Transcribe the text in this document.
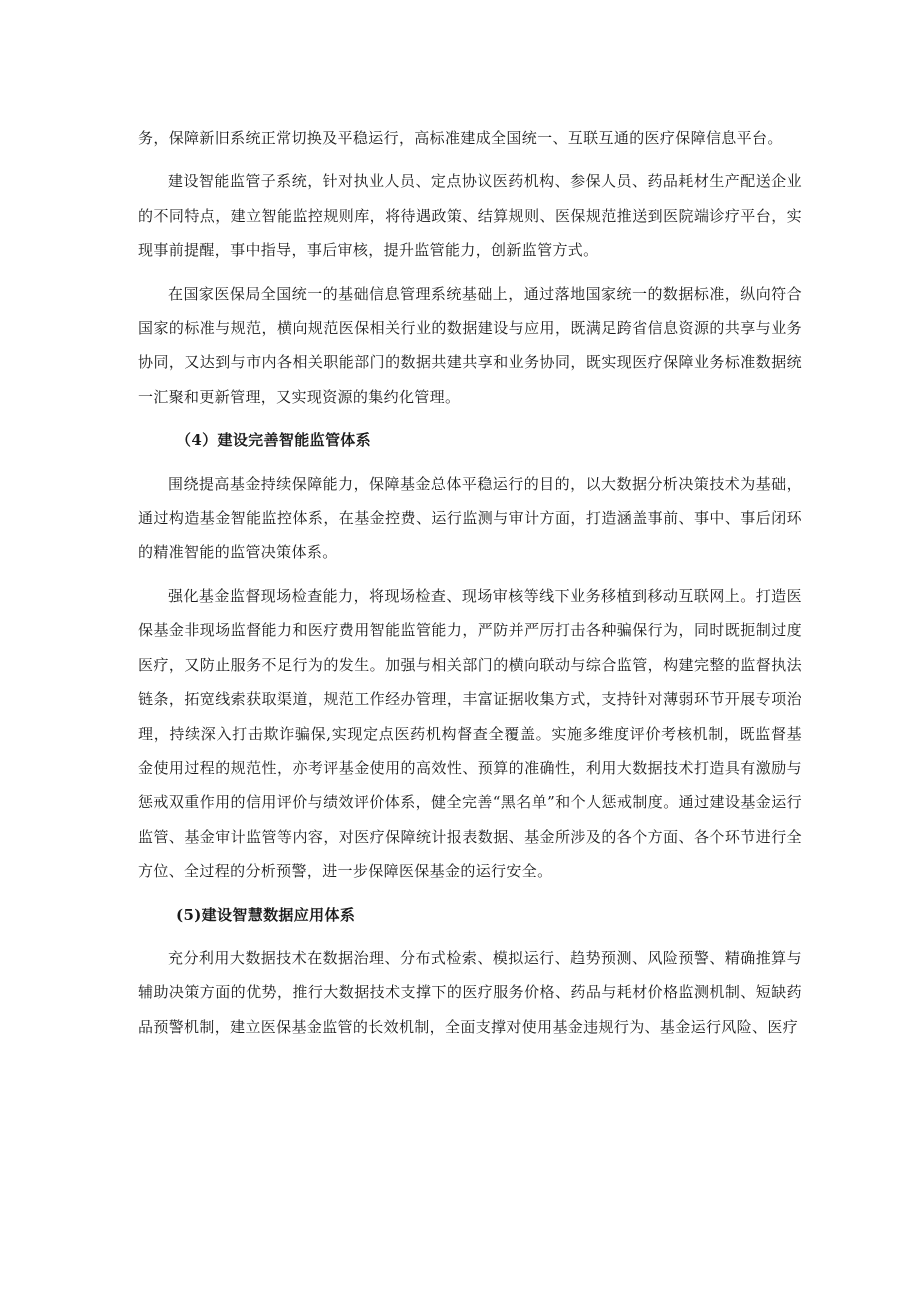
务，保障新旧系统正常切换及平稳运行，高标准建成全国统一、互联互通的医疗保障信息平台。

建设智能监管子系统，针对执业人员、定点协议医药机构、参保人员、药品耗材生产配送企业的不同特点，建立智能监控规则库，将待遇政策、结算规则、医保规范推送到医院端诊疗平台，实现事前提醒，事中指导，事后审核，提升监管能力，创新监管方式。

在国家医保局全国统一的基础信息管理系统基础上，通过落地国家统一的数据标准，纵向符合国家的标准与规范，横向规范医保相关行业的数据建设与应用，既满足跨省信息资源的共享与业务协同，又达到与市内各相关职能部门的数据共建共享和业务协同，既实现医疗保障业务标准数据统一汇聚和更新管理，又实现资源的集约化管理。

（4）建设完善智能监管体系

围绕提高基金持续保障能力，保障基金总体平稳运行的目的，以大数据分析决策技术为基础，通过构造基金智能监控体系，在基金控费、运行监测与审计方面，打造涵盖事前、事中、事后闭环的精准智能的监管决策体系。

强化基金监督现场检查能力，将现场检查、现场审核等线下业务移植到移动互联网上。打造医保基金非现场监督能力和医疗费用智能监管能力，严防并严厉打击各种骗保行为，同时既扼制过度医疗，又防止服务不足行为的发生。加强与相关部门的横向联动与综合监管，构建完整的监督执法链条，拓宽线索获取渠道，规范工作经办管理，丰富证据收集方式，支持针对薄弱环节开展专项治理，持续深入打击欺诈骗保,实现定点医药机构督查全覆盖。实施多维度评价考核机制，既监督基金使用过程的规范性，亦考评基金使用的高效性、预算的准确性，利用大数据技术打造具有激励与惩戒双重作用的信用评价与绩效评价体系，健全完善“黑名单”和个人惩戒制度。通过建设基金运行监管、基金审计监管等内容，对医疗保障统计报表数据、基金所涉及的各个方面、各个环节进行全方位、全过程的分析预警，进一步保障医保基金的运行安全。

(5)建设智慧数据应用体系

充分利用大数据技术在数据治理、分布式检索、模拟运行、趋势预测、风险预警、精确推算与辅助决策方面的优势，推行大数据技术支撑下的医疗服务价格、药品与耗材价格监测机制、短缺药品预警机制，建立医保基金监管的长效机制，全面支撑对使用基金违规行为、基金运行风险、医疗
